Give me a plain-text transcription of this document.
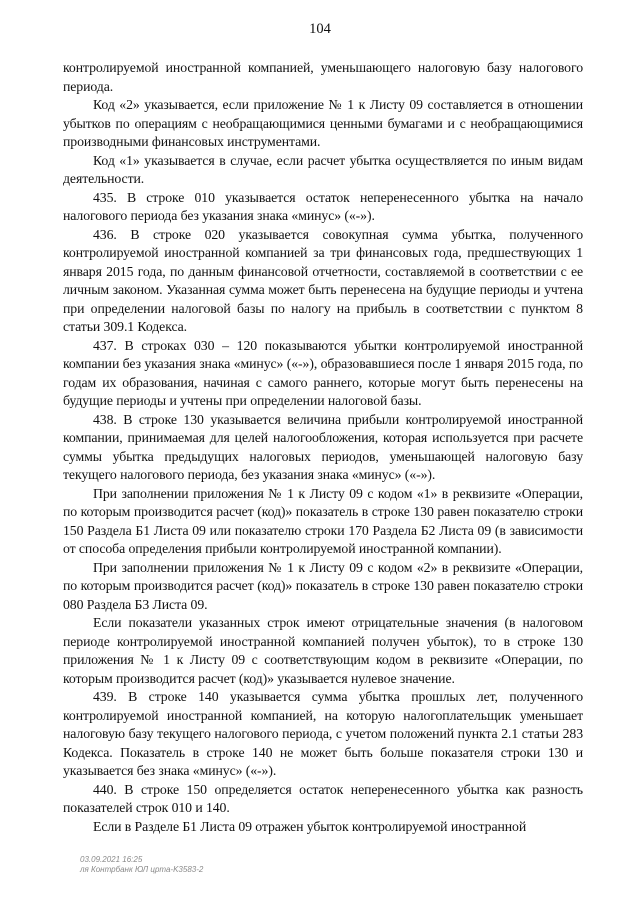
104

контролируемой иностранной компанией, уменьшающего налоговую базу налогового периода.

Код «2» указывается, если приложение № 1 к Листу 09 составляется в отношении убытков по операциям с необращающимися ценными бумагами и с необращающимися производными финансовых инструментами.

Код «1» указывается в случае, если расчет убытка осуществляется по иным видам деятельности.

435. В строке 010 указывается остаток неперенесенного убытка на начало налогового периода без указания знака «минус» («-»).

436. В строке 020 указывается совокупная сумма убытка, полученного контролируемой иностранной компанией за три финансовых года, предшествующих 1 января 2015 года, по данным финансовой отчетности, составляемой в соответствии с ее личным законом. Указанная сумма может быть перенесена на будущие периоды и учтена при определении налоговой базы по налогу на прибыль в соответствии с пунктом 8 статьи 309.1 Кодекса.

437. В строках 030 – 120 показываются убытки контролируемой иностранной компании без указания знака «минус» («-»), образовавшиеся после 1 января 2015 года, по годам их образования, начиная с самого раннего, которые могут быть перенесены на будущие периоды и учтены при определении налоговой базы.

438. В строке 130 указывается величина прибыли контролируемой иностранной компании, принимаемая для целей налогообложения, которая используется при расчете суммы убытка предыдущих налоговых периодов, уменьшающей налоговую базу текущего налогового периода, без указания знака «минус» («-»).

При заполнении приложения № 1 к Листу 09 с кодом «1» в реквизите «Операции, по которым производится расчет (код)» показатель в строке 130 равен показателю строки 150 Раздела Б1 Листа 09 или показателю строки 170 Раздела Б2 Листа 09 (в зависимости от способа определения прибыли контролируемой иностранной компании).

При заполнении приложения № 1 к Листу 09 с кодом «2» в реквизите «Операции, по которым производится расчет (код)» показатель в строке 130 равен показателю строки 080 Раздела Б3 Листа 09.

Если показатели указанных строк имеют отрицательные значения (в налоговом периоде контролируемой иностранной компанией получен убыток), то в строке 130 приложения № 1 к Листу 09 с соответствующим кодом в реквизите «Операции, по которым производится расчет (код)» указывается нулевое значение.

439. В строке 140 указывается сумма убытка прошлых лет, полученного контролируемой иностранной компанией, на которую налогоплательщик уменьшает налоговую базу текущего налогового периода, с учетом положений пункта 2.1 статьи 283 Кодекса. Показатель в строке 140 не может быть больше показателя строки 130 и указывается без знака «минус» («-»).

440. В строке 150 определяется остаток неперенесенного убытка как разность показателей строк 010 и 140.

Если в Разделе Б1 Листа 09 отражен убыток контролируемой иностранной

03.09.2021 16:25
ля Контрбанк ЮЛ црта-K3583-2
